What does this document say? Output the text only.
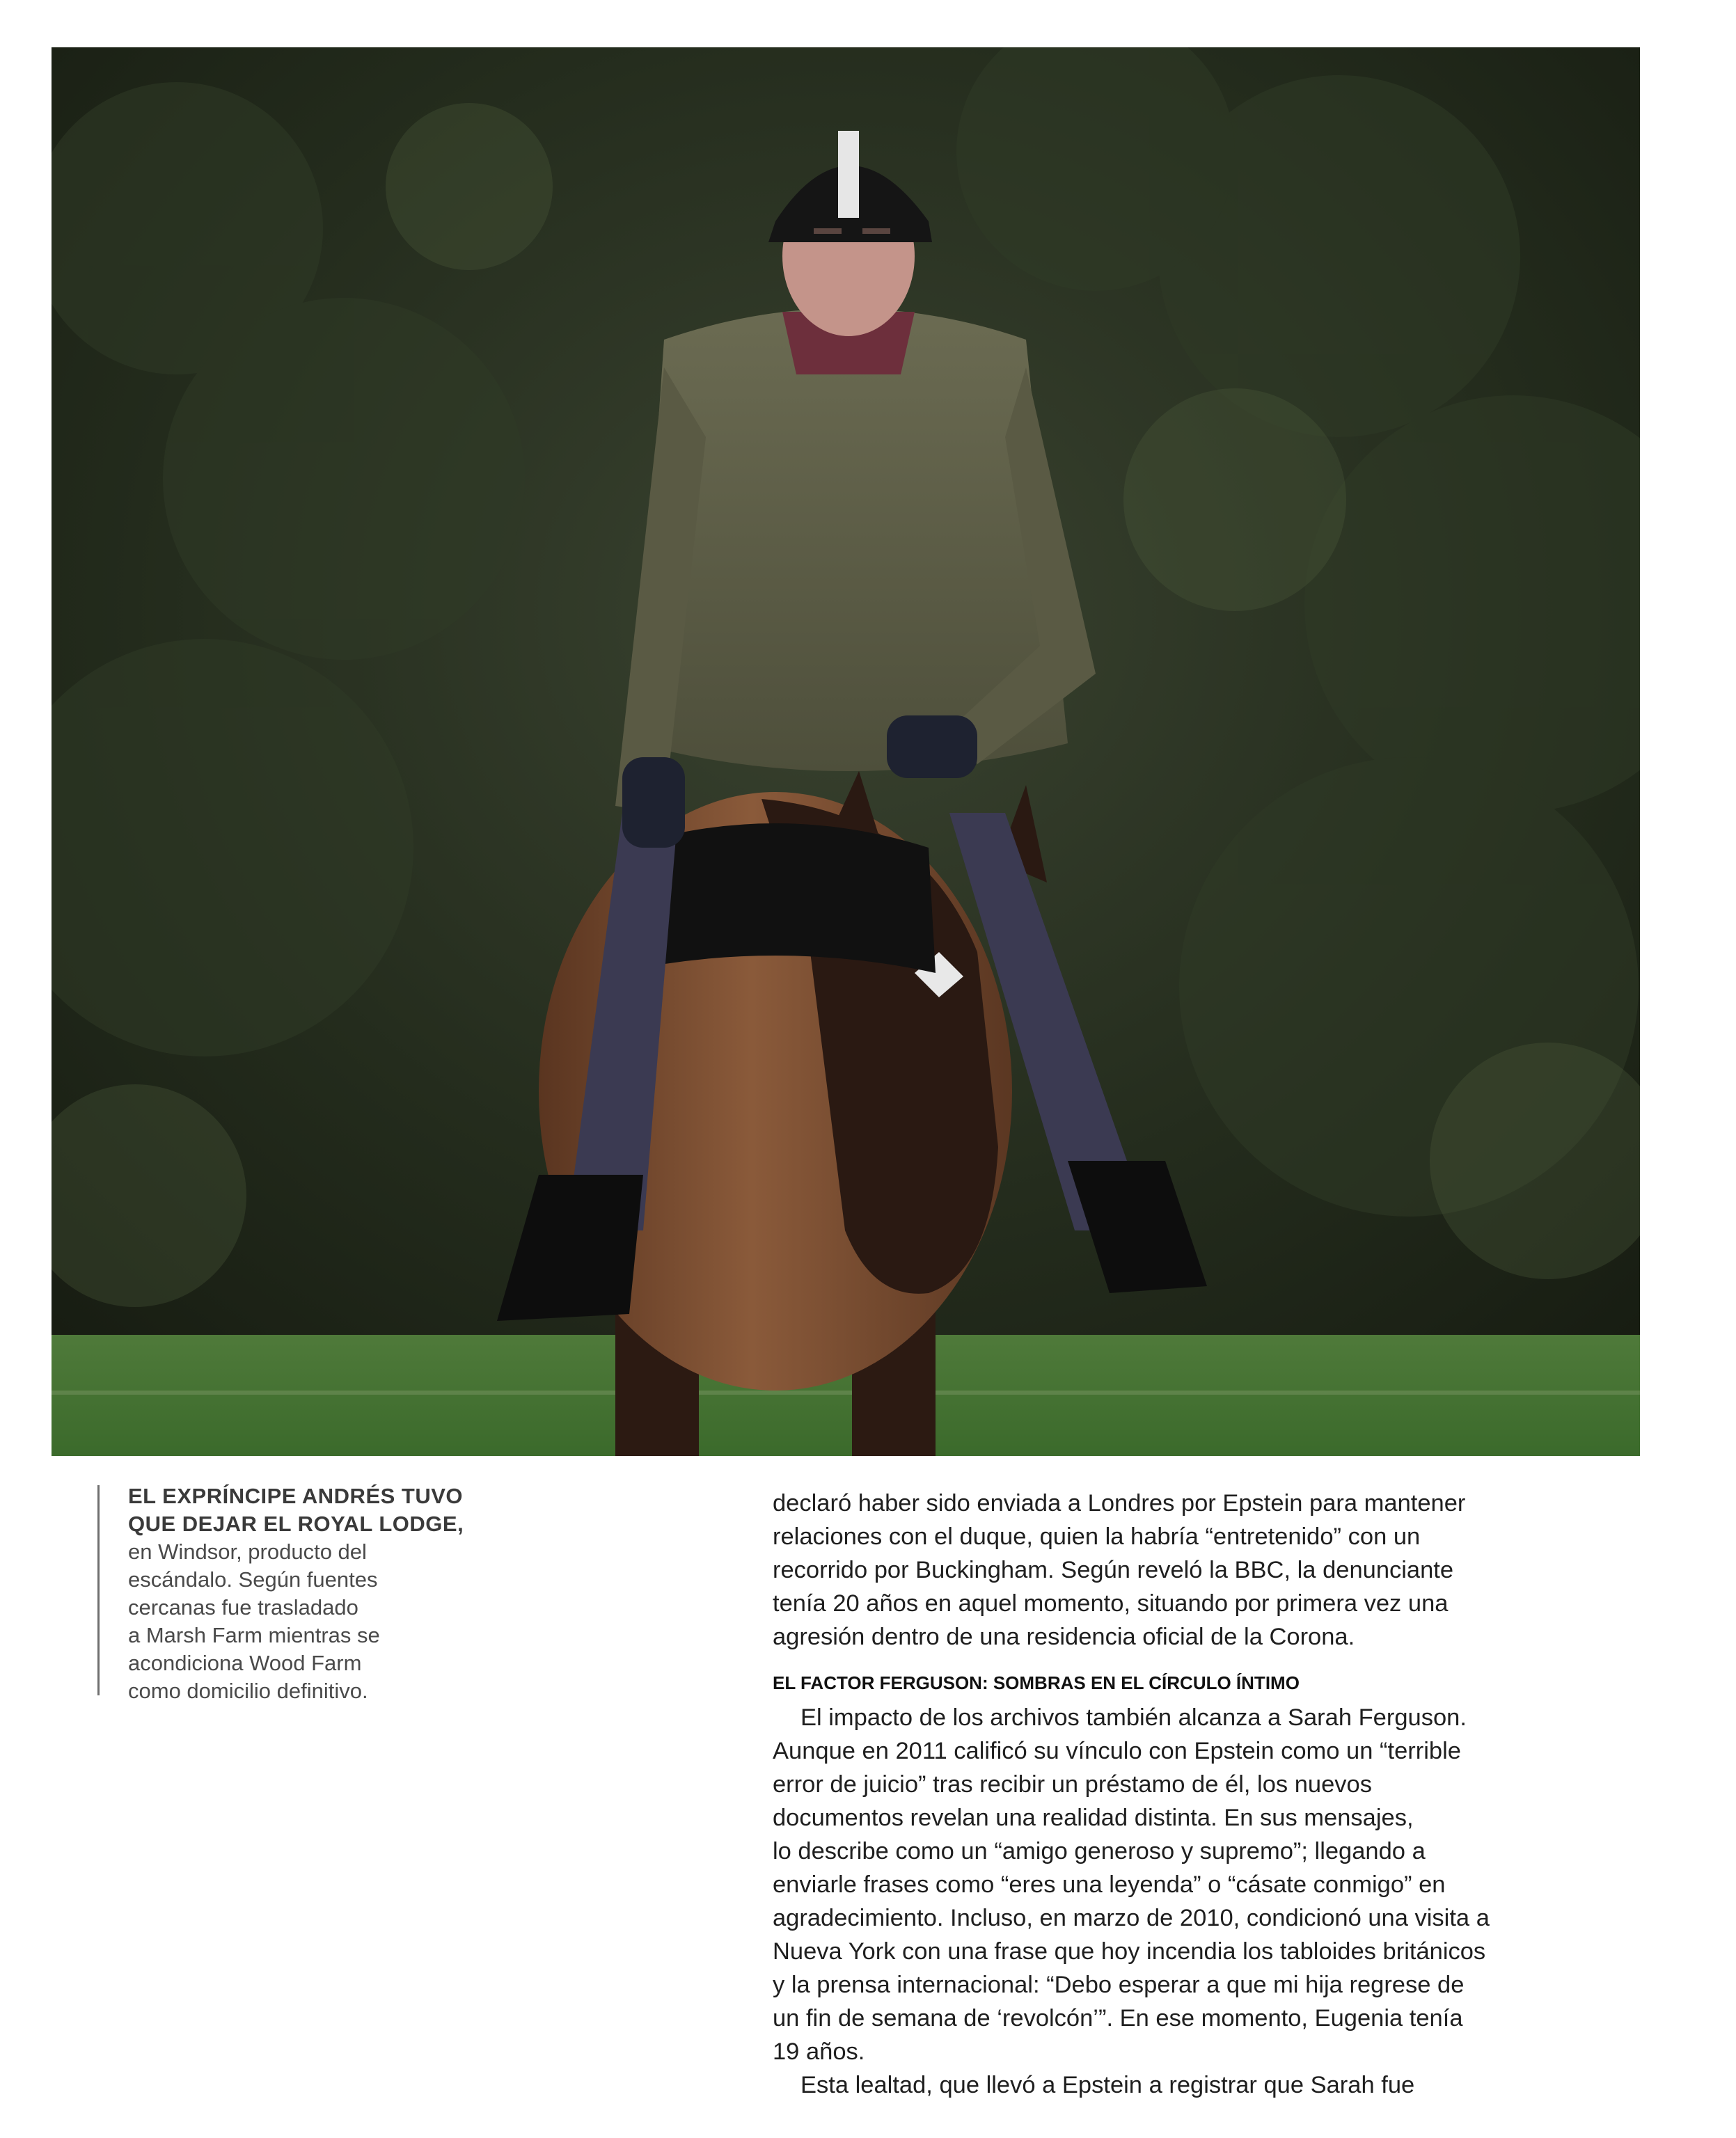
EL EXPRÍNCIPE ANDRÉS TUVO
QUE DEJAR EL ROYAL LODGE,
en Windsor, producto del
escándalo. Según fuentes
cercanas fue trasladado
a Marsh Farm mientras se
acondiciona Wood Farm
como domicilio definitivo.

declaró haber sido enviada a Londres por Epstein para mantener
relaciones con el duque, quien la habría “entretenido” con un
recorrido por Buckingham. Según reveló la BBC, la denunciante
tenía 20 años en aquel momento, situando por primera vez una
agresión dentro de una residencia oficial de la Corona.

EL FACTOR FERGUSON: SOMBRAS EN EL CÍRCULO ÍNTIMO

El impacto de los archivos también alcanza a Sarah Ferguson.
Aunque en 2011 calificó su vínculo con Epstein como un “terrible
error de juicio” tras recibir un préstamo de él, los nuevos
documentos revelan una realidad distinta. En sus mensajes,
lo describe como un “amigo generoso y supremo”; llegando a
enviarle frases como “eres una leyenda” o “cásate conmigo” en
agradecimiento. Incluso, en marzo de 2010, condicionó una visita a
Nueva York con una frase que hoy incendia los tabloides británicos
y la prensa internacional: “Debo esperar a que mi hija regrese de
un fin de semana de ‘revolcón’”. En ese momento, Eugenia tenía
19 años.

Esta lealtad, que llevó a Epstein a registrar que Sarah fue
